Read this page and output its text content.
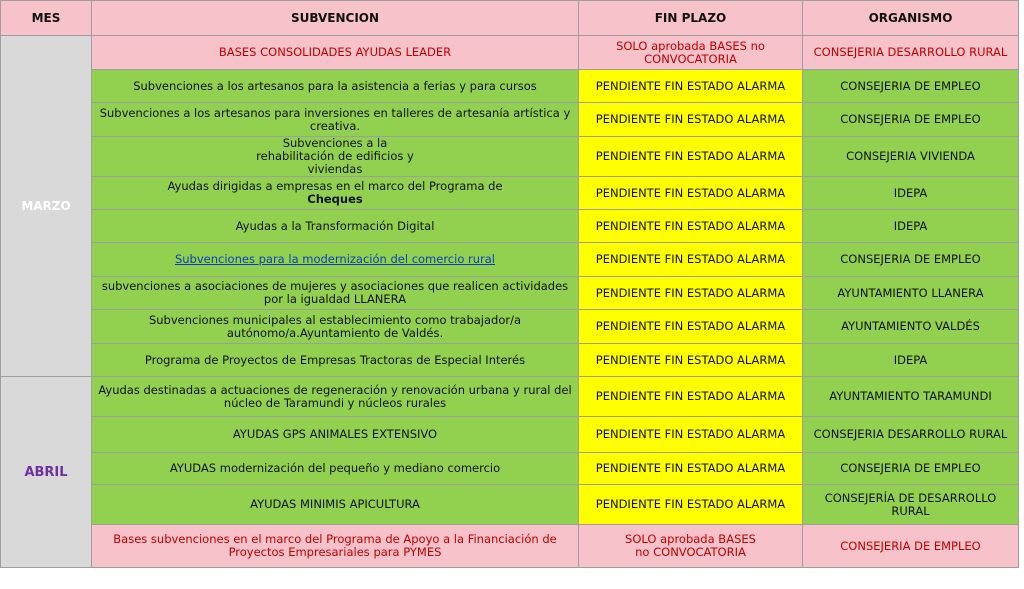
MES	SUBVENCION	FIN PLAZO	ORGANISMO
MARZO	BASES CONSOLIDADES AYUDAS LEADER	SOLO aprobada BASES no CONVOCATORIA	CONSEJERIA DESARROLLO RURAL
	Subvenciones a los artesanos para la asistencia a ferias y para cursos	PENDIENTE FIN ESTADO ALARMA	CONSEJERIA DE EMPLEO
	Subvenciones a los artesanos para inversiones en talleres de artesanía artística y creativa.	PENDIENTE FIN ESTADO ALARMA	CONSEJERIA DE EMPLEO
	Subvenciones a la rehabilitación de edificios y viviendas	PENDIENTE FIN ESTADO ALARMA	CONSEJERIA VIVIENDA
	Ayudas dirigidas a empresas en el marco del Programa de Cheques	PENDIENTE FIN ESTADO ALARMA	IDEPA
	Ayudas a la Transformación Digital	PENDIENTE FIN ESTADO ALARMA	IDEPA
	Subvenciones para la modernización del comercio rural	PENDIENTE FIN ESTADO ALARMA	CONSEJERIA DE EMPLEO
	subvenciones a asociaciones de mujeres y asociaciones que realicen actividades por la igualdad LLANERA	PENDIENTE FIN ESTADO ALARMA	AYUNTAMIENTO LLANERA
	Subvenciones municipales al establecimiento como trabajador/a autónomo/a.Ayuntamiento de Valdés.	PENDIENTE FIN ESTADO ALARMA	AYUNTAMIENTO VALDÉS
	Programa de Proyectos de Empresas Tractoras de Especial Interés	PENDIENTE FIN ESTADO ALARMA	IDEPA
ABRIL	Ayudas destinadas a actuaciones de regeneración y renovación urbana y rural del núcleo de Taramundi y núcleos rurales	PENDIENTE FIN ESTADO ALARMA	AYUNTAMIENTO TARAMUNDI
	AYUDAS GPS ANIMALES EXTENSIVO	PENDIENTE FIN ESTADO ALARMA	CONSEJERIA DESARROLLO RURAL
	AYUDAS modernización del pequeño y mediano comercio	PENDIENTE FIN ESTADO ALARMA	CONSEJERIA DE EMPLEO
	AYUDAS MINIMIS APICULTURA	PENDIENTE FIN ESTADO ALARMA	CONSEJERÍA DE DESARROLLO RURAL
	Bases subvenciones en el marco del Programa de Apoyo a la Financiación de Proyectos Empresariales para PYMES	SOLO aprobada BASES no CONVOCATORIA	CONSEJERIA DE EMPLEO
